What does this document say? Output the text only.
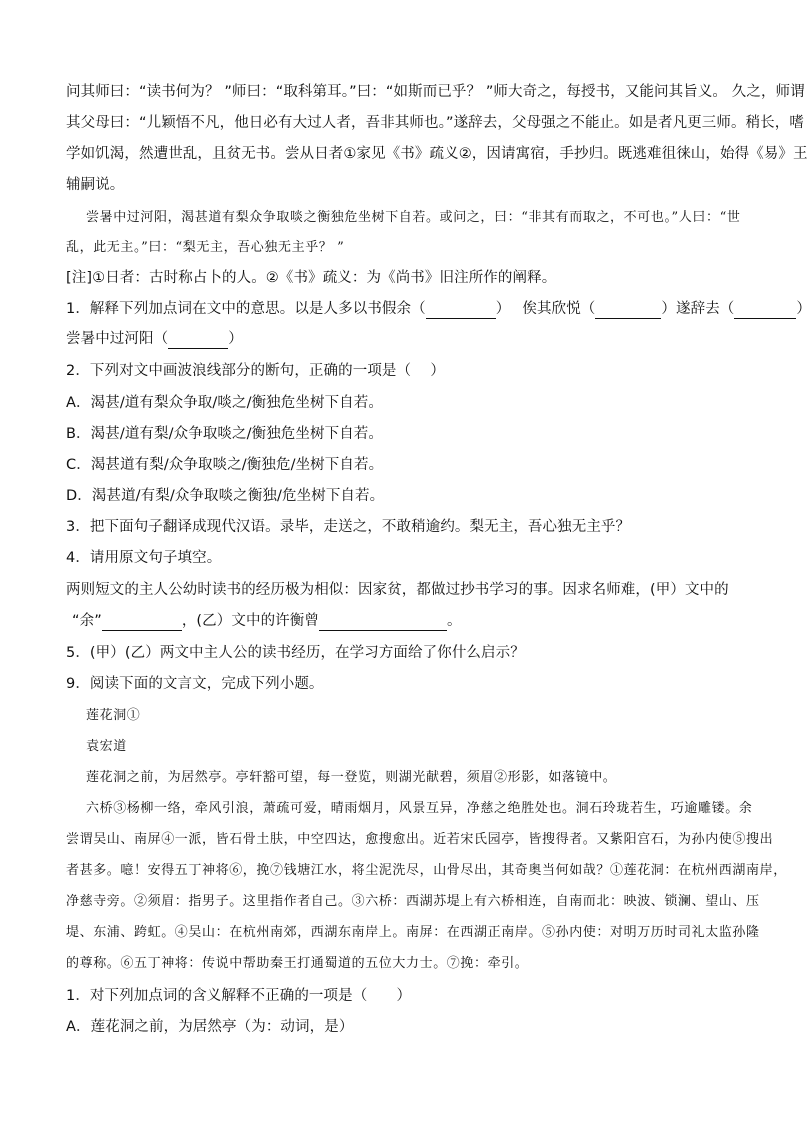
问其师曰：“读书何为？ ”师曰：“取科第耳。”曰：“如斯而已乎？ ”师大奇之，每授书，又能问其旨义。 久之，师谓
其父母曰：“儿颖悟不凡，他日必有大过人者，吾非其师也。”遂辞去，父母强之不能止。如是者凡更三师。稍长，嗜
学如饥渴，然遭世乱，且贫无书。尝从日者①家见《书》疏义②，因请寓宿，手抄归。既逃难徂徕山，始得《易》王
辅嗣说。
尝暑中过河阳，渴甚道有梨众争取啖之衡独危坐树下自若。或问之，曰：“非其有而取之，不可也。”人曰：“世
乱，此无主。”曰：“梨无主，吾心独无主乎？ ”
[注]①日者：古时称占卜的人。②《书》疏义：为《尚书》旧注所作的阐释。
1．解释下列加点词在文中的意思。以是人多以书假余（	）　 俟其欣悦（	）遂辞去（	）
尝暑中过河阳（	）
2．下列对文中画波浪线部分的断句，正确的一项是（　 ）
A．渴甚/道有梨众争取/啖之/衡独危坐树下自若。
B．渴甚/道有梨/众争取啖之/衡独危坐树下自若。
C．渴甚道有梨/众争取啖之/衡独危/坐树下自若。
D．渴甚道/有梨/众争取啖之衡独/危坐树下自若。
3．把下面句子翻译成现代汉语。录毕，走送之，不敢稍逾约。梨无主，吾心独无主乎？
4．请用原文句子填空。
两则短文的主人公幼时读书的经历极为相似：因家贫，都做过抄书学习的事。因求名师难，(甲）文中的
“余”	，(乙）文中的许衡曾	。
5．(甲）(乙）两文中主人公的读书经历，在学习方面给了你什么启示？
9．阅读下面的文言文，完成下列小题。
莲花洞①
袁宏道
莲花洞之前，为居然亭。亭轩豁可望，每一登览，则湖光献碧，须眉②形影，如落镜中。
六桥③杨柳一络，牵风引浪，萧疏可爱，晴雨烟月，风景互异，净慈之绝胜处也。洞石玲珑若生，巧逾雕镂。余
尝谓吴山、南屏④一派，皆石骨土肤，中空四达，愈搜愈出。近若宋氏园亭，皆搜得者。又紫阳宫石，为孙内使⑤搜出
者甚多。噫！安得五丁神将⑥，挽⑦钱塘江水，将尘泥洗尽，山骨尽出，其奇奥当何如哉？①莲花洞：在杭州西湖南岸，
净慈寺旁。②须眉：指男子。这里指作者自己。③六桥：西湖苏堤上有六桥相连，自南而北：映波、锁澜、望山、压
堤、东浦、跨虹。④吴山：在杭州南郊，西湖东南岸上。南屏：在西湖正南岸。⑤孙内使：对明万历时司礼太监孙隆
的尊称。⑥五丁神将：传说中帮助秦王打通蜀道的五位大力士。⑦挽：牵引。
1．对下列加点词的含义解释不正确的一项是（　　）
A．莲花洞之前，为居然亭（为：动词，是）
